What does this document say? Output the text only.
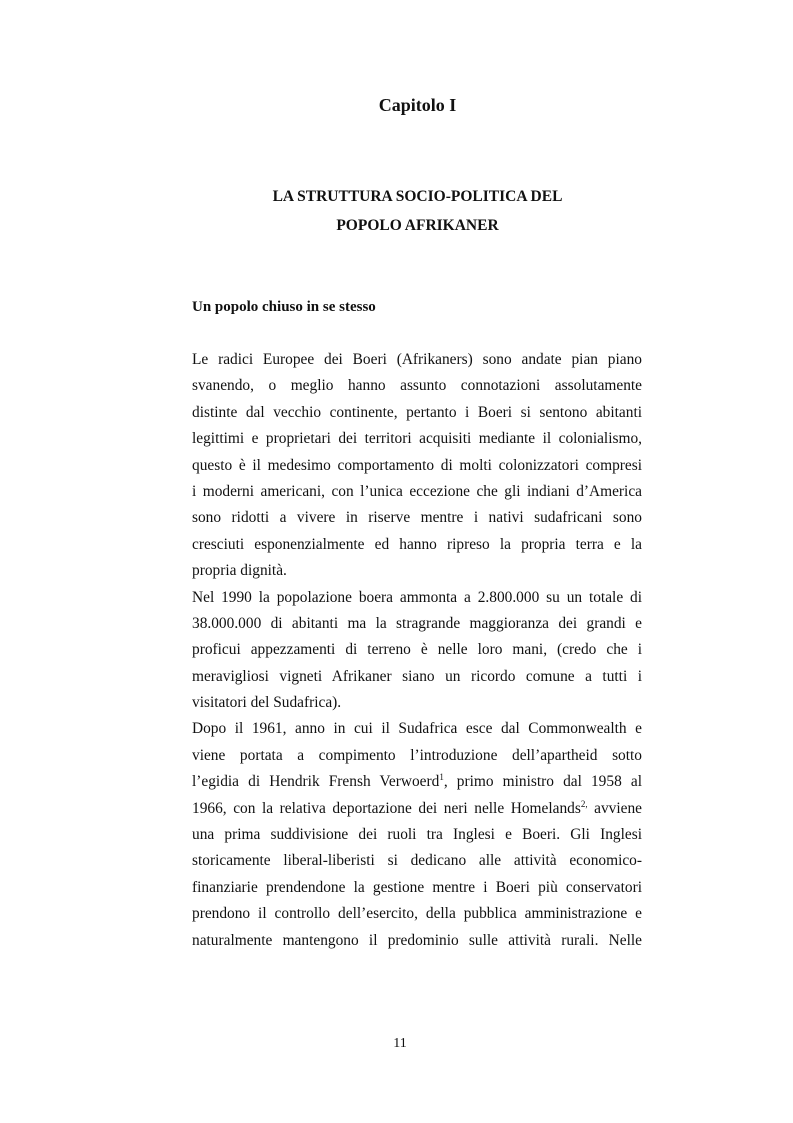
Capitolo I
LA STRUTTURA SOCIO-POLITICA DEL
POPOLO AFRIKANER
Un popolo chiuso in se stesso
Le radici Europee dei Boeri (Afrikaners) sono andate pian piano
svanendo, o meglio hanno assunto connotazioni assolutamente
distinte dal vecchio continente, pertanto i Boeri si sentono abitanti
legittimi e proprietari dei territori acquisiti mediante il colonialismo,
questo è il medesimo comportamento di molti colonizzatori compresi
i moderni americani, con l’unica eccezione che gli indiani d’America
sono ridotti a vivere in riserve mentre i nativi sudafricani sono
cresciuti esponenzialmente ed hanno ripreso la propria terra e la
propria dignità.
Nel 1990 la popolazione boera ammonta a 2.800.000 su un totale di
38.000.000 di abitanti ma la stragrande maggioranza dei grandi e
proficui appezzamenti di terreno è nelle loro mani, (credo che i
meravigliosi vigneti Afrikaner siano un ricordo comune a tutti i
visitatori del Sudafrica).
Dopo il 1961, anno in cui il Sudafrica esce dal Commonwealth e
viene portata a compimento l’introduzione dell’apartheid sotto
l’egidia di Hendrik Frensh Verwoerd$^1$, primo ministro dal 1958 al
1966, con la relativa deportazione dei neri nelle Homelands$^{2,}$ avviene
una prima suddivisione dei ruoli tra Inglesi e Boeri. Gli Inglesi
storicamente liberal-liberisti si dedicano alle attività economico-
finanziarie prendendone la gestione mentre i Boeri più conservatori
prendono il controllo dell’esercito, della pubblica amministrazione e
naturalmente mantengono il predominio sulle attività rurali. Nelle
11
